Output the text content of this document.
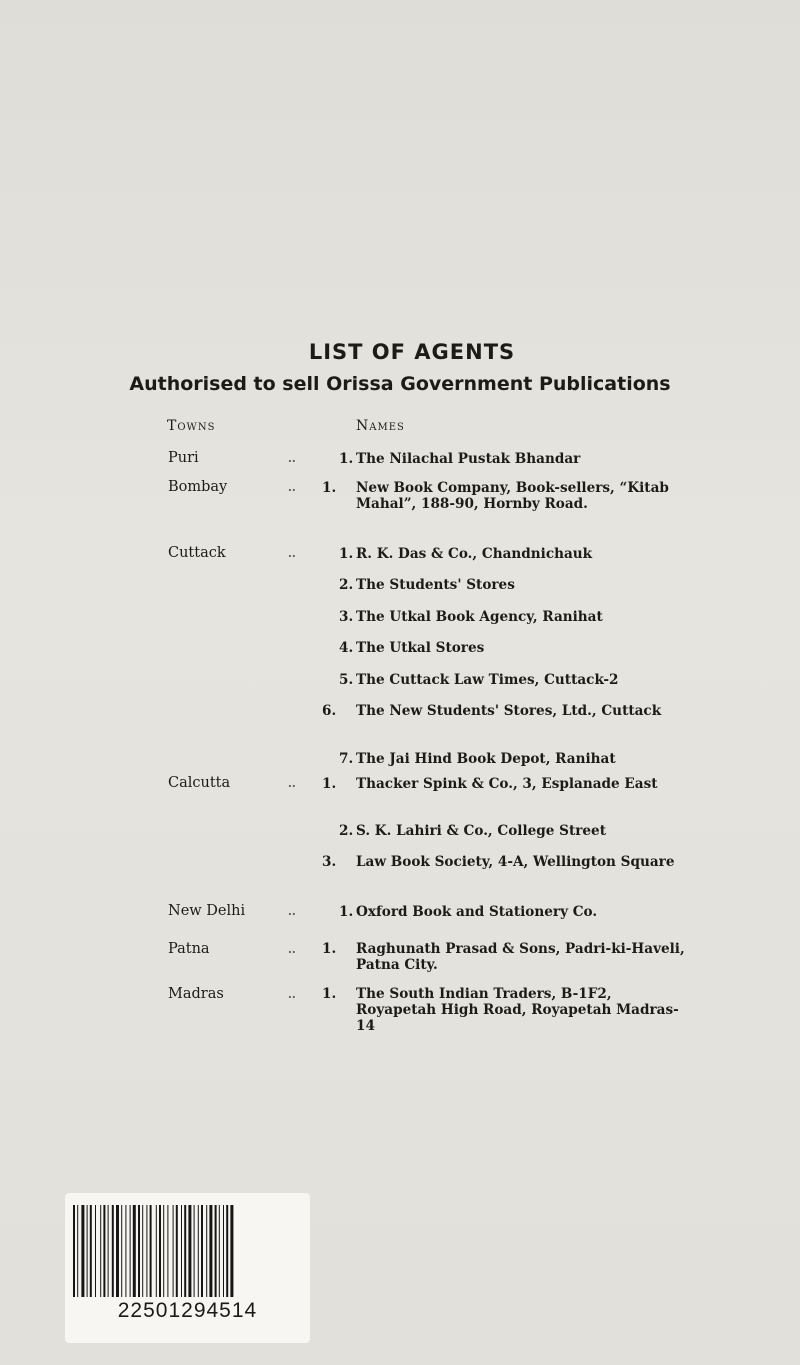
LIST OF AGENTS
Authorised to sell Orissa Government Publications
Towns	Names
Puri	..	1. The Nilachal Pustak Bhandar
Bombay	.. 1. New Book Company, Book-sellers, “Kitab Mahal”, 188-90, Hornby Road.
Cuttack	..	1. R. K. Das & Co., Chandnichauk
2. The Students' Stores
3. The Utkal Book Agency, Ranihat
4. The Utkal Stores
5. The Cuttack Law Times, Cuttack-2
6. The New Students' Stores, Ltd., Cuttack
7. The Jai Hind Book Depot, Ranihat
Calcutta	.. 1. Thacker Spink & Co., 3, Esplanade East
2. S. K. Lahiri & Co., College Street
3. Law Book Society, 4-A, Wellington Square
New Delhi	..	1. Oxford Book and Stationery Co.
Patna	.. 1. Raghunath Prasad & Sons, Padri-ki-Haveli, Patna City.
Madras	.. 1. The South Indian Traders, B-1F2, Royapetah High Road, Royapetah Madras-14
22501294514
